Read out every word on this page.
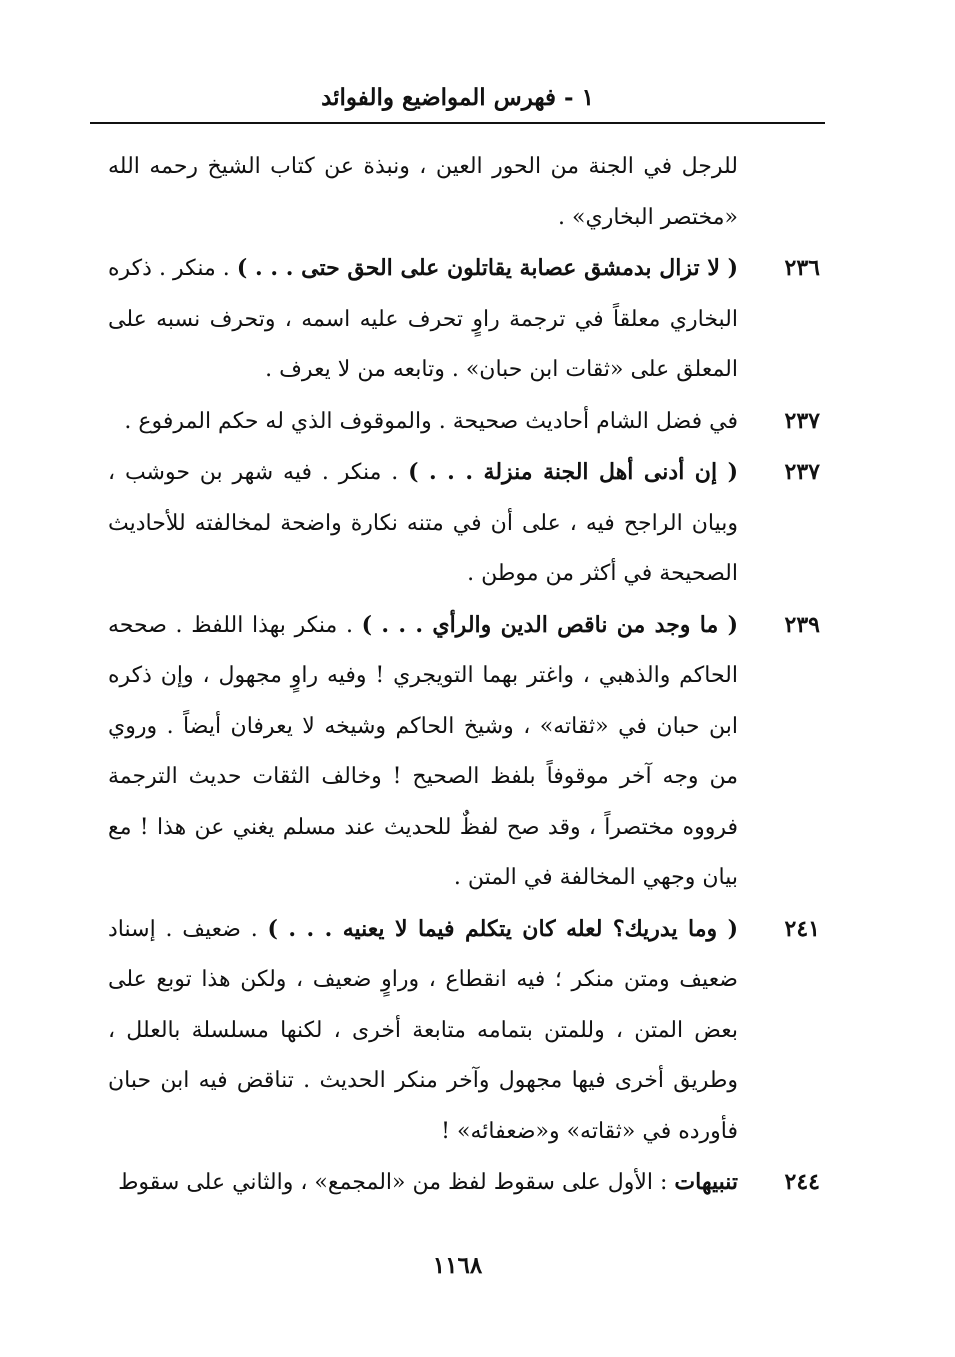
١ - فهرس المواضيع والفوائد
للرجل في الجنة من الحور العين ، ونبذة عن كتاب الشيخ رحمه الله «مختصر البخاري» .
٢٣٦
( لا تزال بدمشق عصابة يقاتلون على الحق حتى . . . ) . منكر . ذكره البخاري معلقاً في ترجمة راوٍ تحرف عليه اسمه ، وتحرف نسبه على المعلق على «ثقات ابن حبان» . وتابعه من لا يعرف .
٢٣٧
في فضل الشام أحاديث صحيحة . والموقوف الذي له حكم المرفوع .
٢٣٧
( إن أدنى أهل الجنة منزلة . . . ) . منكر . فيه شهر بن حوشب ، وبيان الراجح فيه ، على أن في متنه نكارة واضحة لمخالفته للأحاديث الصحيحة في أكثر من موطن .
٢٣٩
( ما وجد من ناقص الدين والرأي . . . ) . منكر بهذا اللفظ . صححه الحاكم والذهبي ، واغتر بهما التويجري ! وفيه راوٍ مجهول ، وإن ذكره ابن حبان في «ثقاته» ، وشيخ الحاكم وشيخه لا يعرفان أيضاً . وروي من وجه آخر موقوفاً بلفظ الصحيح ! وخالف الثقات حديث الترجمة فرووه مختصراً ، وقد صح لفظٌ للحديث عند مسلم يغني عن هذا ! مع بيان وجهي المخالفة في المتن .
٢٤١
( وما يدريك؟ لعله كان يتكلم فيما لا يعنيه . . . ) . ضعيف . إسناد ضعيف ومتن منكر ؛ فيه انقطاع ، وراوٍ ضعيف ، ولكن هذا توبع على بعض المتن ، وللمتن بتمامه متابعة أخرى ، لكنها مسلسلة بالعلل ، وطريق أخرى فيها مجهول وآخر منكر الحديث . تناقض فيه ابن حبان فأورده في «ثقاته» و«ضعفائه» !
٢٤٤
تنبيهات : الأول على سقوط لفظ من «المجمع» ، والثاني على سقوط
١١٦٨
